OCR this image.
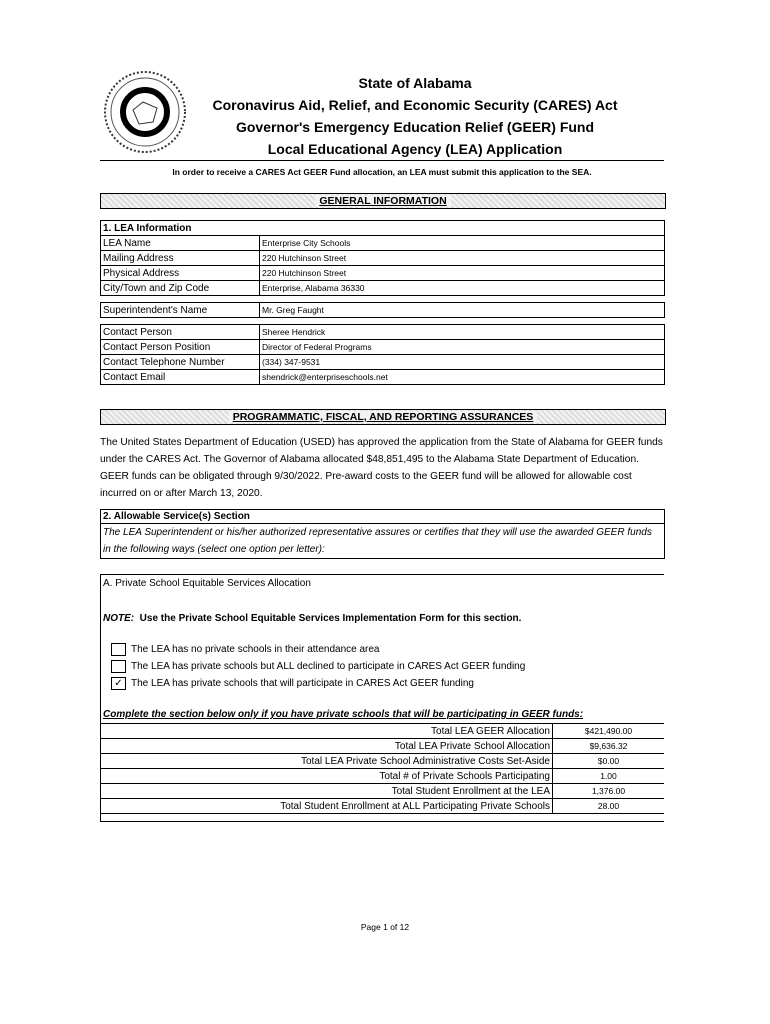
State of Alabama
Coronavirus Aid, Relief, and Economic Security (CARES) Act
Governor's Emergency Education Relief (GEER) Fund
Local Educational Agency (LEA) Application
In order to receive a CARES Act GEER Fund allocation, an LEA must submit this application to the SEA.
GENERAL INFORMATION
1. LEA Information	
LEA Name	Enterprise City Schools
Mailing Address	220 Hutchinson Street
Physical Address	220 Hutchinson Street
City/Town and Zip Code	Enterprise, Alabama 36330

Superintendent's Name	Mr. Greg Faught

Contact Person	Sheree Hendrick
Contact Person Position	Director of Federal Programs
Contact Telephone Number	(334) 347-9531
Contact Email	shendrick@enterpriseschools.net
PROGRAMMATIC, FISCAL, AND REPORTING ASSURANCES
The United States Department of Education (USED) has approved the application from the State of Alabama for GEER funds under the CARES Act. The Governor of Alabama allocated $48,851,495 to the Alabama State Department of Education. GEER funds can be obligated through 9/30/2022. Pre-award costs to the GEER fund will be allowed for allowable cost incurred on or after March 13, 2020.
2. Allowable Service(s) Section
The LEA Superintendent or his/her authorized representative assures or certifies that they will use the awarded GEER funds in the following ways (select one option per letter):
A. Private School Equitable Services Allocation
NOTE: Use the Private School Equitable Services Implementation Form for this section.
The LEA has no private schools in their attendance area
The LEA has private schools but ALL declined to participate in CARES Act GEER funding
✓ The LEA has private schools that will participate in CARES Act GEER funding
Complete the section below only if you have private schools that will be participating in GEER funds:
Total LEA GEER Allocation	$421,490.00
Total LEA Private School Allocation	$9,636.32
Total LEA Private School Administrative Costs Set-Aside	$0.00
Total # of Private Schools Participating	1.00
Total Student Enrollment at the LEA	1,376.00
Total Student Enrollment at ALL Participating Private Schools	28.00
Page 1 of 12
